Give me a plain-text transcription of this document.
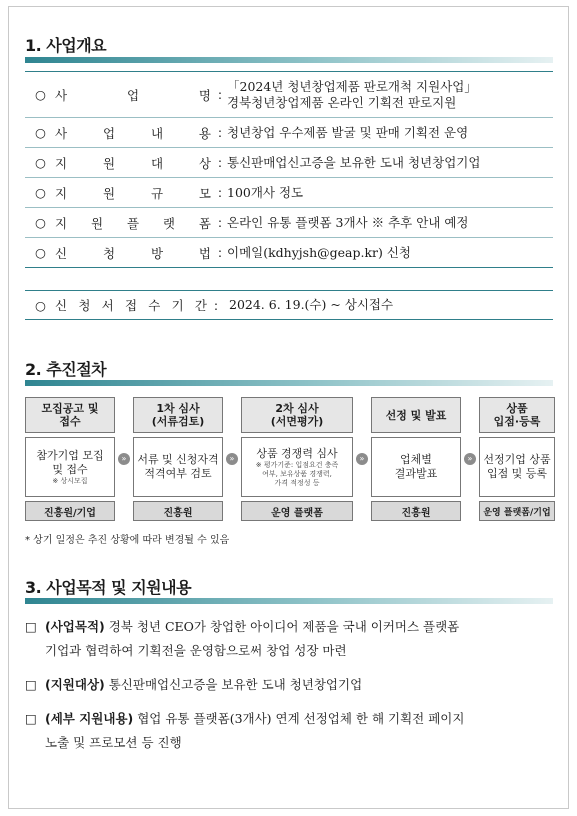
1. 사업개요
○ 사	업	명 :
「2024년 청년창업제품 판로개척 지원사업」
경북청년창업제품 온라인 기획전 판로지원
○ 사	업	내	용 : 청년창업 우수제품 발굴 및 판매 기획전 운영
○ 지	원	대	상 : 통신판매업신고증을 보유한 도내 청년창업기업
○ 지	원	규	모 : 100개사 정도
○ 지 원 플 랫 폼 : 온라인 유통 플랫폼 3개사 ※ 추후 안내 예정
○ 신	청	방	법 : 이메일(kdhyjsh@geap.kr) 신청
○ 신 청 서 접 수 기 간 : 2024. 6. 19.(수) ~ 상시접수
2. 추진절차
모집공고 및
접수
참가기업 모집
및 접수
※ 상시모집
진흥원/기업
»
1차 심사
(서류검토)
서류 및 신청자격
적격여부 검토
진흥원
»
2차 심사
(서면평가)
상품 경쟁력 심사
※ 평가기준: 입점요건 충족
여부, 보유상품 경쟁력,
가격 적정성 등
운영 플랫폼
»
선정 및 발표
업체별
결과발표
진흥원
»
상품
입점·등록
선정기업 상품
입점 및 등록
운영 플랫폼/기업
* 상기 일정은 추진 상황에 따라 변경될 수 있음
3. 사업목적 및 지원내용
□ (사업목적) 경북 청년 CEO가 창업한 아이디어 제품을 국내 이커머스 플랫폼
기업과 협력하여 기획전을 운영함으로써 창업 성장 마련
□ (지원대상) 통신판매업신고증을 보유한 도내 청년창업기업
□ (세부 지원내용) 협업 유통 플랫폼(3개사) 연계 선정업체 한 해 기획전 페이지
노출 및 프로모션 등 진행
